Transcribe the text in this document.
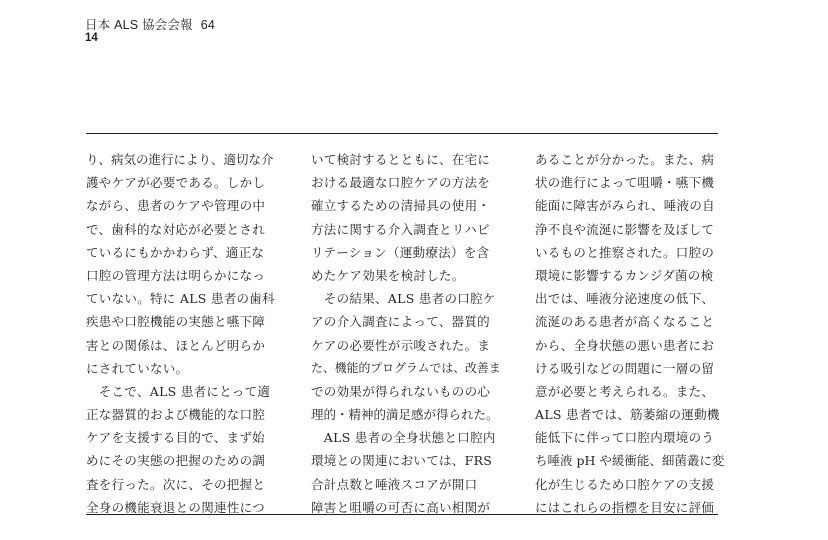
日本 ALS 協会会報 64
14
り、病気の進行により、適切な介
護やケアが必要である。しかし
ながら、患者のケアや管理の中
で、歯科的な対応が必要とされ
ているにもかかわらず、適正な
口腔の管理方法は明らかになっ
ていない。特に ALS 患者の歯科
疾患や口腔機能の実態と嚥下障
害との関係は、ほとんど明らか
にされていない。
　そこで、ALS 患者にとって適
正な器質的および機能的な口腔
ケアを支援する目的で、まず始
めにその実態の把握のための調
査を行った。次に、その把握と
全身の機能衰退との関連性につ
いて検討するとともに、在宅に
おける最適な口腔ケアの方法を
確立するための清掃具の使用・
方法に関する介入調査とリハビ
リテーション（運動療法）を含
めたケア効果を検討した。
　その結果、ALS 患者の口腔ケ
アの介入調査によって、器質的
ケアの必要性が示唆された。ま
た、機能的プログラムでは、改善ま
での効果が得られないものの心
理的・精神的満足感が得られた。
　ALS 患者の全身状態と口腔内
環境との関連においては、FRS
合計点数と唾液スコアが開口
障害と咀嚼の可否に高い相関が
あることが分かった。また、病
状の進行によって咀嚼・嚥下機
能面に障害がみられ、唾液の自
浄不良や流涎に影響を及ぼして
いるものと推察された。口腔の
環境に影響するカンジダ菌の検
出では、唾液分泌速度の低下、
流涎のある患者が高くなること
から、全身状態の悪い患者にお
ける吸引などの問題に一層の留
意が必要と考えられる。また、
ALS 患者では、筋萎縮の運動機
能低下に伴って口腔内環境のう
ち唾液 pH や緩衝能、細菌叢に変
化が生じるため口腔ケアの支援
にはこれらの指標を目安に評価
